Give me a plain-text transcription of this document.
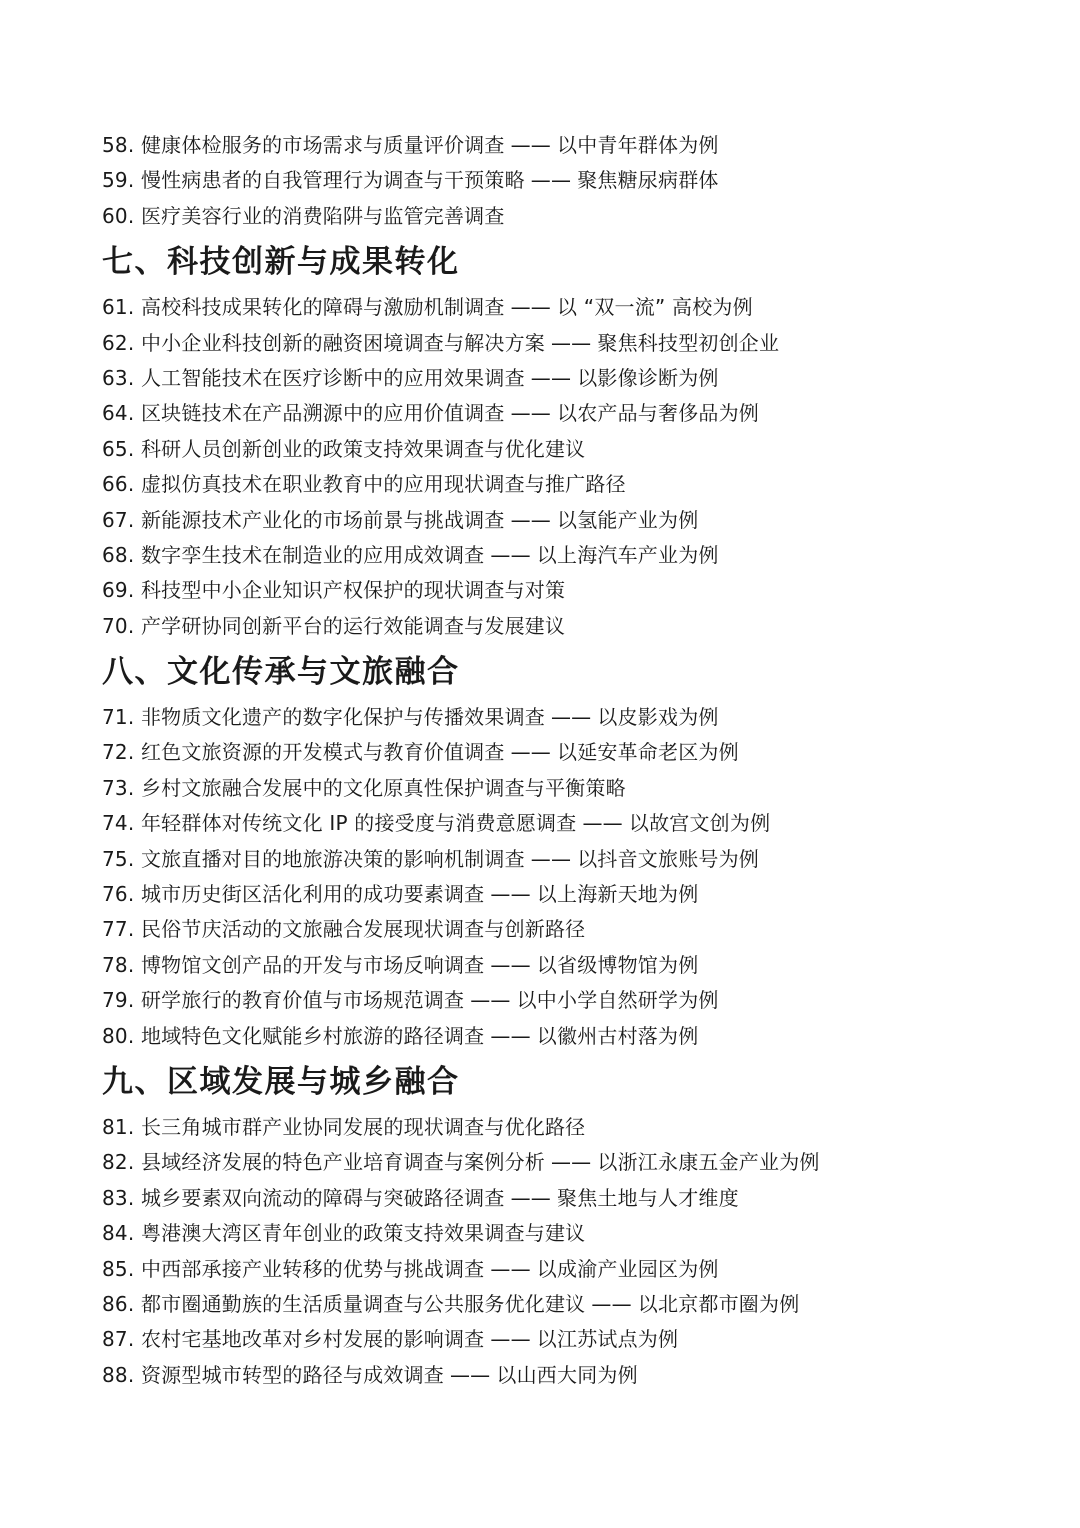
58. 健康体检服务的市场需求与质量评价调查 —— 以中青年群体为例
59. 慢性病患者的自我管理行为调查与干预策略 —— 聚焦糖尿病群体
60. 医疗美容行业的消费陷阱与监管完善调查
七、科技创新与成果转化
61. 高校科技成果转化的障碍与激励机制调查 —— 以 “双一流” 高校为例
62. 中小企业科技创新的融资困境调查与解决方案 —— 聚焦科技型初创企业
63. 人工智能技术在医疗诊断中的应用效果调查 —— 以影像诊断为例
64. 区块链技术在产品溯源中的应用价值调查 —— 以农产品与奢侈品为例
65. 科研人员创新创业的政策支持效果调查与优化建议
66. 虚拟仿真技术在职业教育中的应用现状调查与推广路径
67. 新能源技术产业化的市场前景与挑战调查 —— 以氢能产业为例
68. 数字孪生技术在制造业的应用成效调查 —— 以上海汽车产业为例
69. 科技型中小企业知识产权保护的现状调查与对策
70. 产学研协同创新平台的运行效能调查与发展建议
八、文化传承与文旅融合
71. 非物质文化遗产的数字化保护与传播效果调查 —— 以皮影戏为例
72. 红色文旅资源的开发模式与教育价值调查 —— 以延安革命老区为例
73. 乡村文旅融合发展中的文化原真性保护调查与平衡策略
74. 年轻群体对传统文化 IP 的接受度与消费意愿调查 —— 以故宫文创为例
75. 文旅直播对目的地旅游决策的影响机制调查 —— 以抖音文旅账号为例
76. 城市历史街区活化利用的成功要素调查 —— 以上海新天地为例
77. 民俗节庆活动的文旅融合发展现状调查与创新路径
78. 博物馆文创产品的开发与市场反响调查 —— 以省级博物馆为例
79. 研学旅行的教育价值与市场规范调查 —— 以中小学自然研学为例
80. 地域特色文化赋能乡村旅游的路径调查 —— 以徽州古村落为例
九、区域发展与城乡融合
81. 长三角城市群产业协同发展的现状调查与优化路径
82. 县域经济发展的特色产业培育调查与案例分析 —— 以浙江永康五金产业为例
83. 城乡要素双向流动的障碍与突破路径调查 —— 聚焦土地与人才维度
84. 粤港澳大湾区青年创业的政策支持效果调查与建议
85. 中西部承接产业转移的优势与挑战调查 —— 以成渝产业园区为例
86. 都市圈通勤族的生活质量调查与公共服务优化建议 —— 以北京都市圈为例
87. 农村宅基地改革对乡村发展的影响调查 —— 以江苏试点为例
88. 资源型城市转型的路径与成效调查 —— 以山西大同为例
